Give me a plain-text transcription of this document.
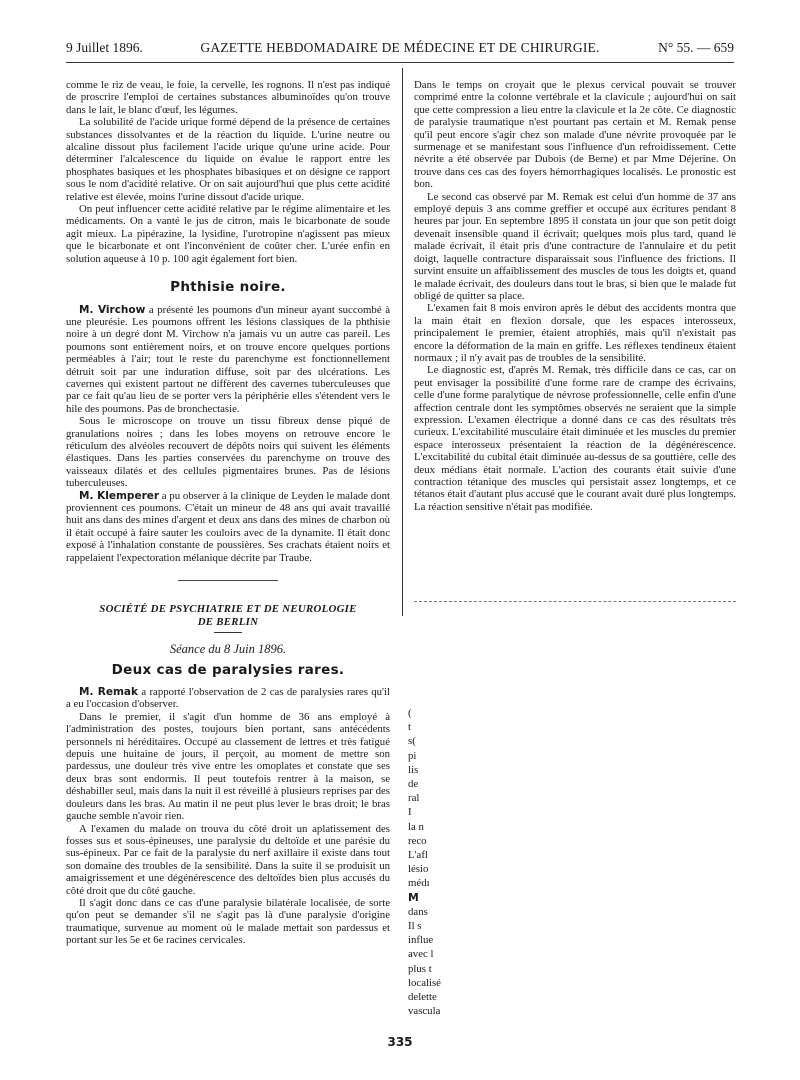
9 Juillet 1896.	GAZETTE HEBDOMADAIRE DE MÉDECINE ET DE CHIRURGIE.	N° 55. — 659

comme le riz de veau, le foie, la cervelle, les rognons. Il n'est pas indiqué de proscrire l'emploi de certaines substances albuminoïdes qu'on trouve dans le lait, le blanc d'œuf, les légumes.

La solubilité de l'acide urique formé dépend de la présence de certaines substances dissolvantes et de la réaction du liquide. L'urine neutre ou alcaline dissout plus facilement l'acide urique qu'une urine acide. Pour déterminer l'alcalescence du liquide on évalue le rapport entre les phosphates basiques et les phosphates bibasiques et on désigne ce rapport sous le nom d'acidité relative. Or on sait aujourd'hui que plus cette acidité relative est élevée, moins l'urine dissout d'acide urique.

On peut influencer cette acidité relative par le régime alimentaire et les médicaments. On a vanté le jus de citron, mais le bicarbonate de soude agit mieux. La pipérazine, la lysidine, l'urotropine n'agissent pas mieux que le bicarbonate et ont l'inconvénient de coûter cher. L'urée enfin en solution aqueuse à 10 p. 100 agit également fort bien.

Phthisie noire.

M. Virchow a présenté les poumons d'un mineur ayant succombé à une pleurésie. Les poumons offrent les lésions classiques de la phthisie noire à un degré dont M. Virchow n'a jamais vu un autre cas pareil. Les poumons sont entièrement noirs, et on trouve encore quelques portions perméables à l'air; tout le reste du parenchyme est fonctionnellement détruit soit par une induration diffuse, soit par des ulcérations. Les cavernes qui existent partout ne diffèrent des cavernes tuberculeuses que par ce fait qu'au lieu de se porter vers la périphérie elles s'étendent vers le hile des poumons. Pas de bronchectasie.

Sous le microscope on trouve un tissu fibreux dense piqué de granulations noires ; dans les lobes moyens on retrouve encore le réticulum des alvéoles recouvert de dépôts noirs qui suivent les éléments élastiques. Dans les parties conservées du parenchyme on trouve des vaisseaux dilatés et des cellules pigmentaires brunes. Pas de lésions tuberculeuses.

M. Klemperer a pu observer à la clinique de Leyden le malade dont proviennent ces poumons. C'était un mineur de 48 ans qui avait travaillé huit ans dans des mines d'argent et deux ans dans des mines de charbon où il était occupé à faire sauter les couloirs avec de la dynamite. Il était donc exposé à l'inhalation constante de poussières. Ses crachats étaient noirs et rappelaient l'expectoration mélanique décrite par Traube.

SOCIÉTÉ DE PSYCHIATRIE ET DE NEUROLOGIE
DE BERLIN
Séance du 8 Juin 1896.
Deux cas de paralysies rares.

M. Remak a rapporté l'observation de 2 cas de paralysies rares qu'il a eu l'occasion d'observer.

Dans le premier, il s'agit d'un homme de 36 ans employé à l'administration des postes, toujours bien portant, sans antécédents personnels ni héréditaires. Occupé au classement de lettres et très fatigué depuis une huitaine de jours, il perçoit, au moment de mettre son pardessus, une douleur très vive entre les omoplates et constate que ses deux bras sont endormis. Il peut toutefois rentrer à la maison, se déshabiller seul, mais dans la nuit il est réveillé à plusieurs reprises par des douleurs dans les bras. Au matin il ne peut plus lever le bras droit; le bras gauche semble n'avoir rien.

A l'examen du malade on trouva du côté droit un aplatissement des fosses sus et sous-épineuses, une paralysie du deltoïde et une parésie du sus-épineux. Par ce fait de la paralysie du nerf axillaire il existe dans tout son domaine des troubles de la sensibilité. Dans la suite il se produisit un amaigrissement et une dégénérescence des deltoïdes bien plus accusés du côté droit que du côté gauche.

Il s'agit donc dans ce cas d'une paralysie bilatérale localisée, de sorte qu'on peut se demander s'il ne s'agit pas là d'une paralysie d'origine traumatique, survenue au moment où le malade mettait son pardessus et portant sur les 5e et 6e racines cervicales.

Dans le temps on croyait que le plexus cervical pouvait se trouver comprimé entre la colonne vertébrale et la clavicule ; aujourd'hui on sait que cette compression a lieu entre la clavicule et la 2e côte. Ce diagnostic de paralysie traumatique n'est pourtant pas certain et M. Remak pense qu'il peut encore s'agir chez son malade d'une névrite provoquée par le surmenage et se manifestant sous l'influence d'un refroidissement. Cette névrite a été observée par Dubois (de Berne) et par Mme Déjerine. On trouve dans ces cas des foyers hémorrhagiques localisés. Le pronostic est bon.

Le second cas observé par M. Remak est celui d'un homme de 37 ans employé depuis 3 ans comme greffier et occupé aux écritures pendant 8 heures par jour. En septembre 1895 il constata un jour que son petit doigt devenait insensible quand il écrivait; quelques mois plus tard, quand le malade écrivait, il était pris d'une contracture de l'annulaire et du petit doigt, laquelle contracture disparaissait sous l'influence des frictions. Il survint ensuite un affaiblissement des muscles de tous les doigts et, quand le malade écrivait, des douleurs dans tout le bras, si bien que le malade fut obligé de quitter sa place.

L'examen fait 8 mois environ après le début des accidents montra que la main était en flexion dorsale, que les espaces interosseux, principalement le premier, étaient atrophiés, mais qu'il n'existait pas encore la déformation de la main en griffe. Les réflexes tendineux étaient normaux ; il n'y avait pas de troubles de la sensibilité.

Le diagnostic est, d'après M. Remak, très difficile dans ce cas, car on peut envisager la possibilité d'une forme rare de crampe des écrivains, celle d'une forme paralytique de névrose professionnelle, celle enfin d'une affection centrale dont les symptômes observés ne seraient que la simple expression. L'examen électrique a donné dans ce cas des résultats très curieux. L'excitabilité musculaire était diminuée et les muscles du premier espace interosseux présentaient la réaction de la dégénérescence. L'excitabilité du cubital était diminuée au-dessus de sa gouttière, celle des deux médians était normale. L'action des courants était suivie d'une contraction tétanique des muscles qui persistait assez longtemps, et ce tétanos était d'autant plus accusé que le courant avait duré plus longtemps. La réaction sensitive n'était pas modifiée.

(
t
s(
pi
lis
de
ral
I
la n
reco
L'afl
lésio
médı
M
dans
Il s
influe
avec l
plus t
localisé
delette
vascula
335
